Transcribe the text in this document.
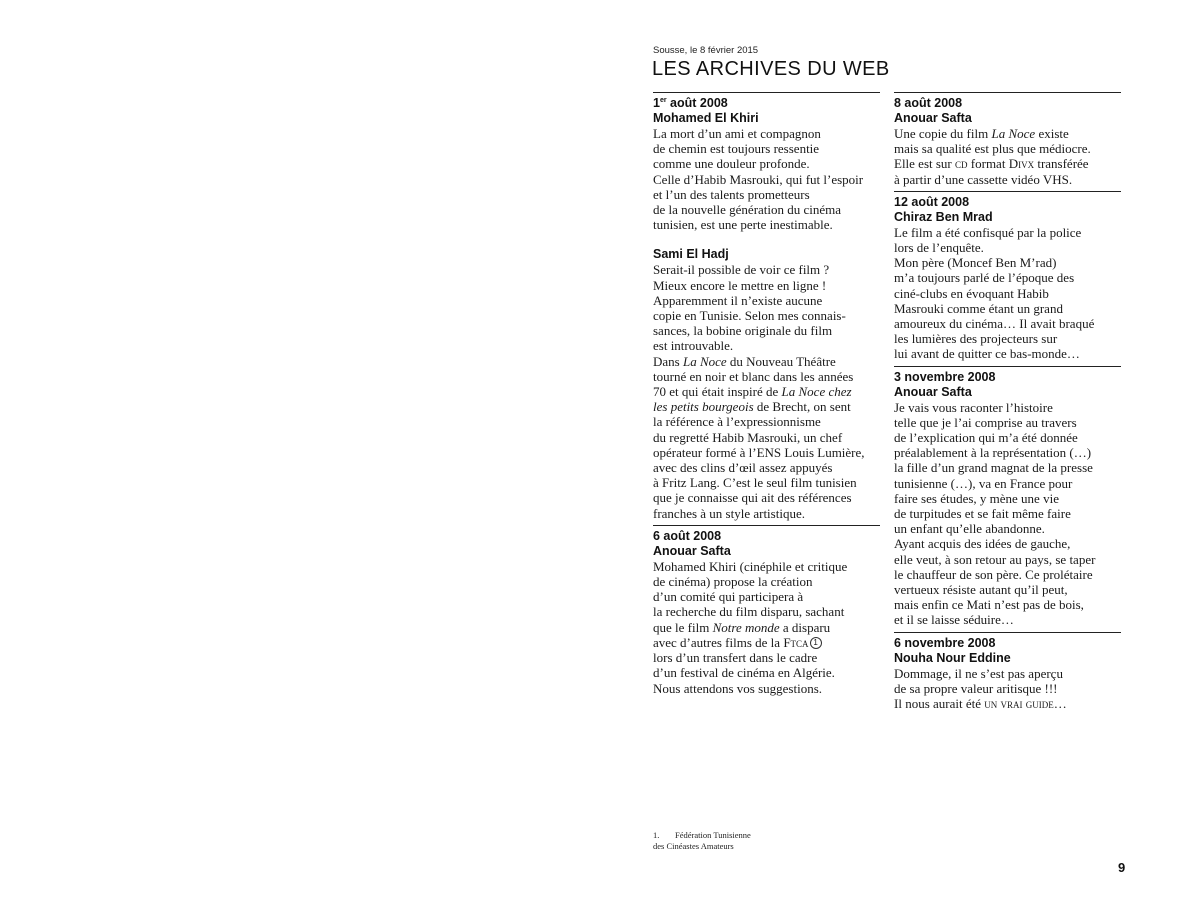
Sousse, le 8 février 2015
LES ARCHIVES DU WEB
1er août 2008
Mohamed El Khiri
La mort d’un ami et compagnon
de chemin est toujours ressentie
comme une douleur profonde.
Celle d’Habib Masrouki, qui fut l’espoir
et l’un des talents prometteurs
de la nouvelle génération du cinéma
tunisien, est une perte inestimable.
Sami El Hadj
Serait-il possible de voir ce film ?
Mieux encore le mettre en ligne !
Apparemment il n’existe aucune
copie en Tunisie. Selon mes connais-
sances, la bobine originale du film
est introuvable.
Dans La Noce du Nouveau Théâtre
tourné en noir et blanc dans les années
70 et qui était inspiré de La Noce chez
les petits bourgeois de Brecht, on sent
la référence à l’expressionnisme
du regretté Habib Masrouki, un chef
opérateur formé à l’ENS Louis Lumière,
avec des clins d’œil assez appuyés
à Fritz Lang. C’est le seul film tunisien
que je connaisse qui ait des références
franches à un style artistique.
6 août 2008
Anouar Safta
Mohamed Khiri (cinéphile et critique
de cinéma) propose la création
d’un comité qui participera à
la recherche du film disparu, sachant
que le film Notre monde a disparu
avec d’autres films de la Ftca 1
lors d’un transfert dans le cadre
d’un festival de cinéma en Algérie.
Nous attendons vos suggestions.
8 août 2008
Anouar Safta
Une copie du film La Noce existe
mais sa qualité est plus que médiocre.
Elle est sur cd format Divx transférée
à partir d’une cassette vidéo VHS.
12 août 2008
Chiraz Ben Mrad
Le film a été confisqué par la police
lors de l’enquête.
Mon père (Moncef Ben M’rad)
m’a toujours parlé de l’époque des
ciné-clubs en évoquant Habib
Masrouki comme étant un grand
amoureux du cinéma… Il avait braqué
les lumières des projecteurs sur
lui avant de quitter ce bas-monde…
3 novembre 2008
Anouar Safta
Je vais vous raconter l’histoire
telle que je l’ai comprise au travers
de l’explication qui m’a été donnée
préalablement à la représentation (…)
la fille d’un grand magnat de la presse
tunisienne (…), va en France pour
faire ses études, y mène une vie
de turpitudes et se fait même faire
un enfant qu’elle abandonne.
Ayant acquis des idées de gauche,
elle veut, à son retour au pays, se taper
le chauffeur de son père. Ce prolétaire
vertueux résiste autant qu’il peut,
mais enfin ce Mati n’est pas de bois,
et il se laisse séduire…
6 novembre 2008
Nouha Nour Eddine
Dommage, il ne s’est pas aperçu
de sa propre valeur aritisque !!!
Il nous aurait été un vrai guide…
1. Fédération Tunisienne
des Cinéastes Amateurs
9
